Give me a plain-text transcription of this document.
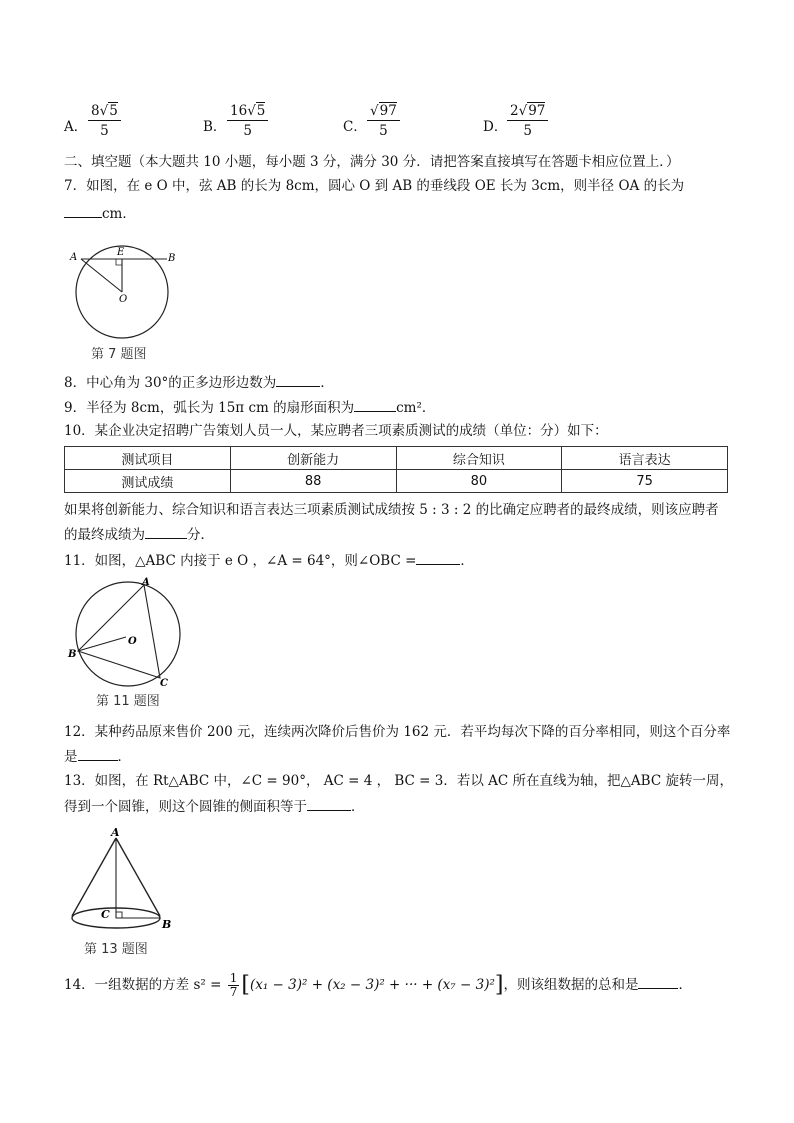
A． $\frac{8√5}{5}$	B． $\frac{16√5}{5}$	C． $\frac{√97}{5}$	D． $\frac{2√97}{5}$
二、填空题（本大题共 10 小题，每小题 3 分，满分 30 分．请把答案直接填写在答题卡相应位置上．）
7．如图，在 e O 中，弦 AB 的长为 8cm，圆心 O 到 AB 的垂线段 OE 长为 3cm，则半径 OA 的长为
cm．
A	B
E
O
第 7 题图
8．中心角为 30°的正多边形边数为	．
9．半径为 8cm，弧长为 15π cm 的扇形面积为	cm²．
10．某企业决定招聘广告策划人员一人，某应聘者三项素质测试的成绩（单位：分）如下：
测试项目	创新能力	综合知识	语言表达
测试成绩	88	80	75
如果将创新能力、综合知识和语言表达三项素质测试成绩按 5 : 3 : 2 的比确定应聘者的最终成绩，则该应聘者
的最终成绩为	分．
11．如图，△ABC 内接于 e O ，∠A = 64°，则∠OBC =	．
A
B
C
O
第 11 题图
12．某种药品原来售价 200 元，连续两次降价后售价为 162 元．若平均每次下降的百分率相同，则这个百分率
是	．
13．如图，在 Rt△ABC 中，∠C = 90°， AC = 4 ， BC = 3．若以 AC 所在直线为轴，把△ABC 旋转一周，
得到一个圆锥，则这个圆锥的侧面积等于	．
A
C
B
第 13 题图
14．一组数据的方差 $s^2 = \frac{1}{7} [(x_1 - 3)^2 + (x_2 - 3)^2$ + ··· + (x₇ − 3)²]，则该组数据的总和是	．
